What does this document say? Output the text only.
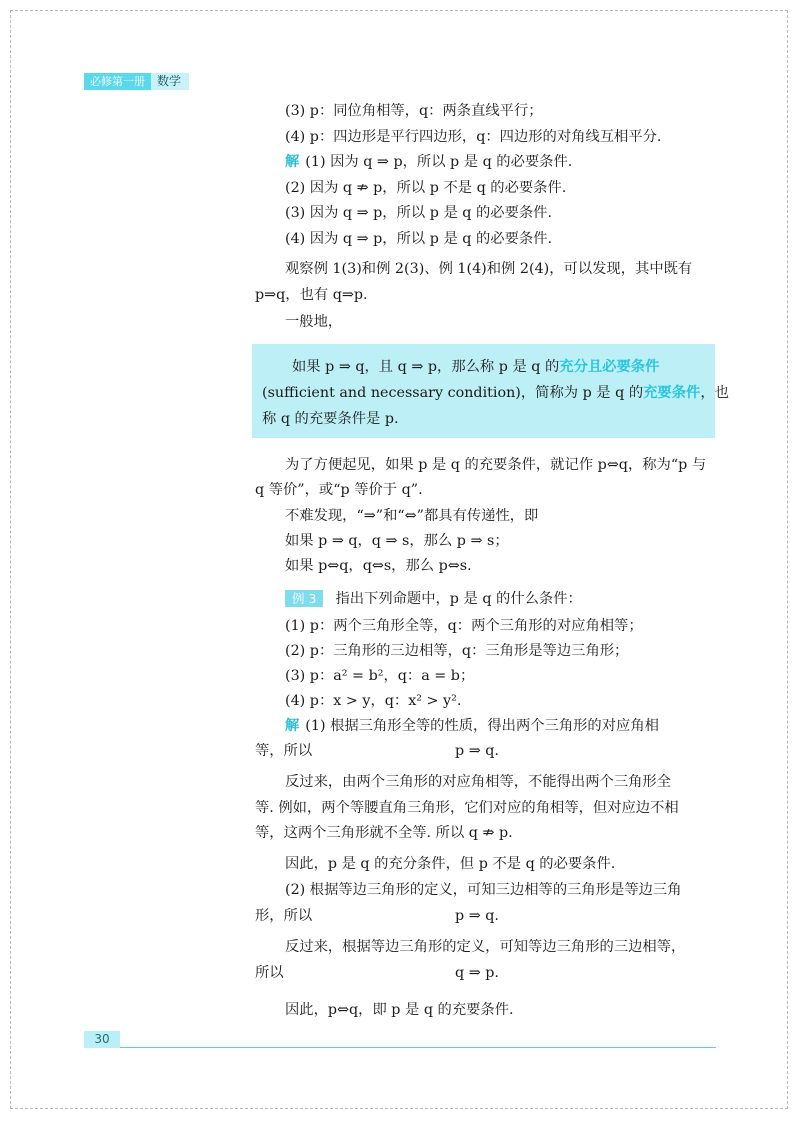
必修第一册	数学
(3) p：同位角相等，q：两条直线平行；
(4) p：四边形是平行四边形，q：四边形的对角线互相平分.
解 (1) 因为 q ⇒ p，所以 p 是 q 的必要条件.
(2) 因为 q ⇏ p，所以 p 不是 q 的必要条件.
(3) 因为 q ⇒ p，所以 p 是 q 的必要条件.
(4) 因为 q ⇒ p，所以 p 是 q 的必要条件.
观察例 1(3)和例 2(3)、例 1(4)和例 2(4)，可以发现，其中既有
p⇒q，也有 q⇒p.
一般地，
如果 p ⇒ q，且 q ⇒ p，那么称 p 是 q 的充分且必要条件
(sufficient and necessary condition)，简称为 p 是 q 的充要条件，也
称 q 的充要条件是 p.
为了方便起见，如果 p 是 q 的充要条件，就记作 p⇔q，称为“p 与
q 等价”，或“p 等价于 q”.
不难发现，“⇒”和“⇔”都具有传递性，即
如果 p ⇒ q，q ⇒ s，那么 p ⇒ s；
如果 p⇔q，q⇔s，那么 p⇔s.
例 3 指出下列命题中，p 是 q 的什么条件：
(1) p：两个三角形全等，q：两个三角形的对应角相等；
(2) p：三角形的三边相等，q：三角形是等边三角形；
(3) p：a² = b²，q：a = b；
(4) p：x > y，q：x² > y².
解 (1) 根据三角形全等的性质，得出两个三角形的对应角相
等，所以	p ⇒ q.
反过来，由两个三角形的对应角相等，不能得出两个三角形全
等. 例如，两个等腰直角三角形，它们对应的角相等，但对应边不相
等，这两个三角形就不全等. 所以 q ⇏ p.
因此，p 是 q 的充分条件，但 p 不是 q 的必要条件.
(2) 根据等边三角形的定义，可知三边相等的三角形是等边三角
形，所以	p ⇒ q.
反过来，根据等边三角形的定义，可知等边三角形的三边相等，
所以	q ⇒ p.
因此，p⇔q，即 p 是 q 的充要条件.
30
